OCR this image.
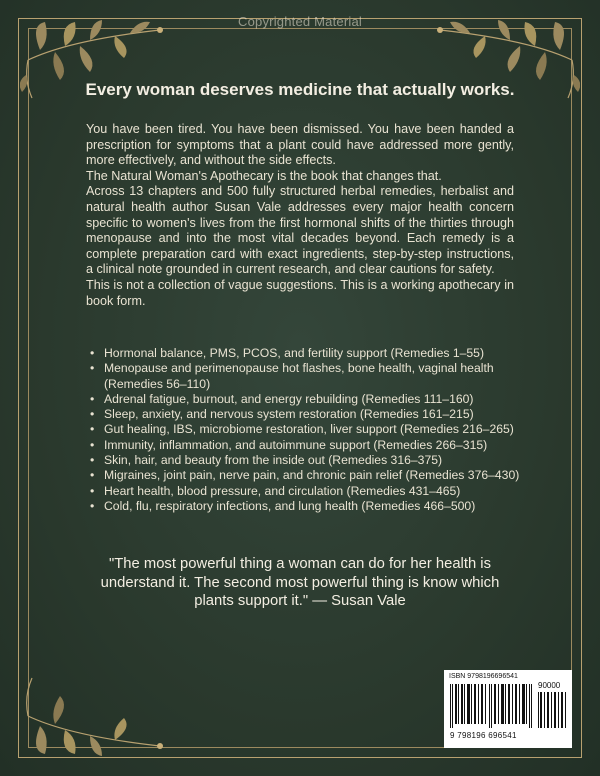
Copyrighted Material
Every woman deserves medicine that actually works.

You have been tired. You have been dismissed. You have been handed a prescription for symptoms that a plant could have addressed more gently, more effectively, and without the side effects.

The Natural Woman's Apothecary is the book that changes that.

Across 13 chapters and 500 fully structured herbal remedies, herbalist and natural health author Susan Vale addresses every major health concern specific to women's lives from the first hormonal shifts of the thirties through menopause and into the most vital decades beyond. Each remedy is a complete preparation card with exact ingredients, step-by-step instructions, a clinical note grounded in current research, and clear cautions for safety.

This is not a collection of vague suggestions. This is a working apothecary in book form.

• Hormonal balance, PMS, PCOS, and fertility support (Remedies 1–55)
• Menopause and perimenopause hot flashes, bone health, vaginal health (Remedies 56–110)
• Adrenal fatigue, burnout, and energy rebuilding (Remedies 111–160)
• Sleep, anxiety, and nervous system restoration (Remedies 161–215)
• Gut healing, IBS, microbiome restoration, liver support (Remedies 216–265)
• Immunity, inflammation, and autoimmune support (Remedies 266–315)
• Skin, hair, and beauty from the inside out (Remedies 316–375)
• Migraines, joint pain, nerve pain, and chronic pain relief (Remedies 376–430)
• Heart health, blood pressure, and circulation (Remedies 431–465)
• Cold, flu, respiratory infections, and lung health (Remedies 466–500)
"The most powerful thing a woman can do for her health is understand it. The second most powerful thing is know which plants support it." — Susan Vale
ISBN 9798196696541
90000
9 798196 696541
